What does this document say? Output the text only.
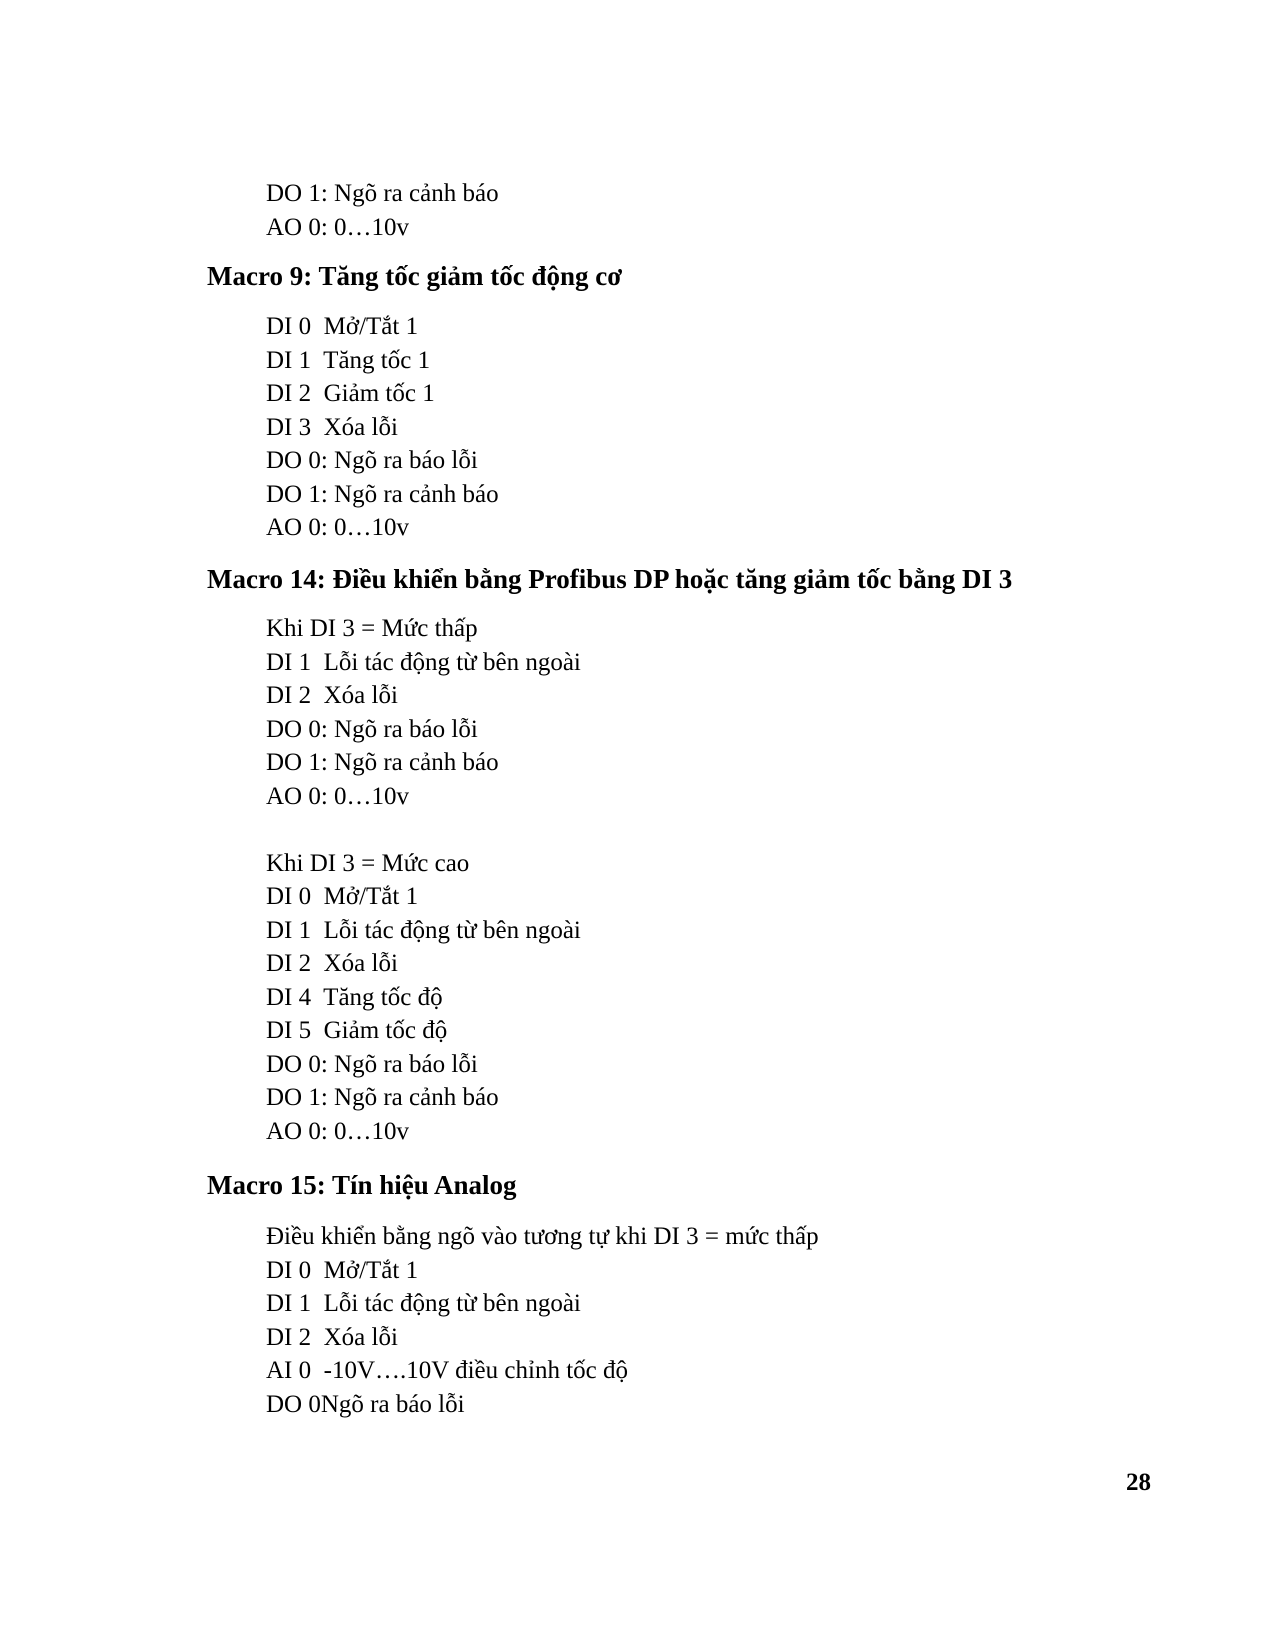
DO 1: Ngõ ra cảnh báo
AO 0: 0…10v
Macro 9: Tăng tốc giảm tốc động cơ
DI 0  Mở/Tắt 1
DI 1  Tăng tốc 1
DI 2  Giảm tốc 1
DI 3  Xóa lỗi
DO 0: Ngõ ra báo lỗi
DO 1: Ngõ ra cảnh báo
AO 0: 0…10v
Macro 14: Điều khiển bằng Profibus DP hoặc tăng giảm tốc bằng DI 3
Khi DI 3 = Mức thấp
DI 1  Lỗi tác động từ bên ngoài
DI 2  Xóa lỗi
DO 0: Ngõ ra báo lỗi
DO 1: Ngõ ra cảnh báo
AO 0: 0…10v
Khi DI 3 = Mức cao
DI 0  Mở/Tắt 1
DI 1  Lỗi tác động từ bên ngoài
DI 2  Xóa lỗi
DI 4  Tăng tốc độ
DI 5  Giảm tốc độ
DO 0: Ngõ ra báo lỗi
DO 1: Ngõ ra cảnh báo
AO 0: 0…10v
Macro 15: Tín hiệu Analog
Điều khiển bằng ngõ vào tương tự khi DI 3 = mức thấp
DI 0  Mở/Tắt 1
DI 1  Lỗi tác động từ bên ngoài
DI 2  Xóa lỗi
AI 0  -10V….10V điều chỉnh tốc độ
DO 0Ngõ ra báo lỗi
28
